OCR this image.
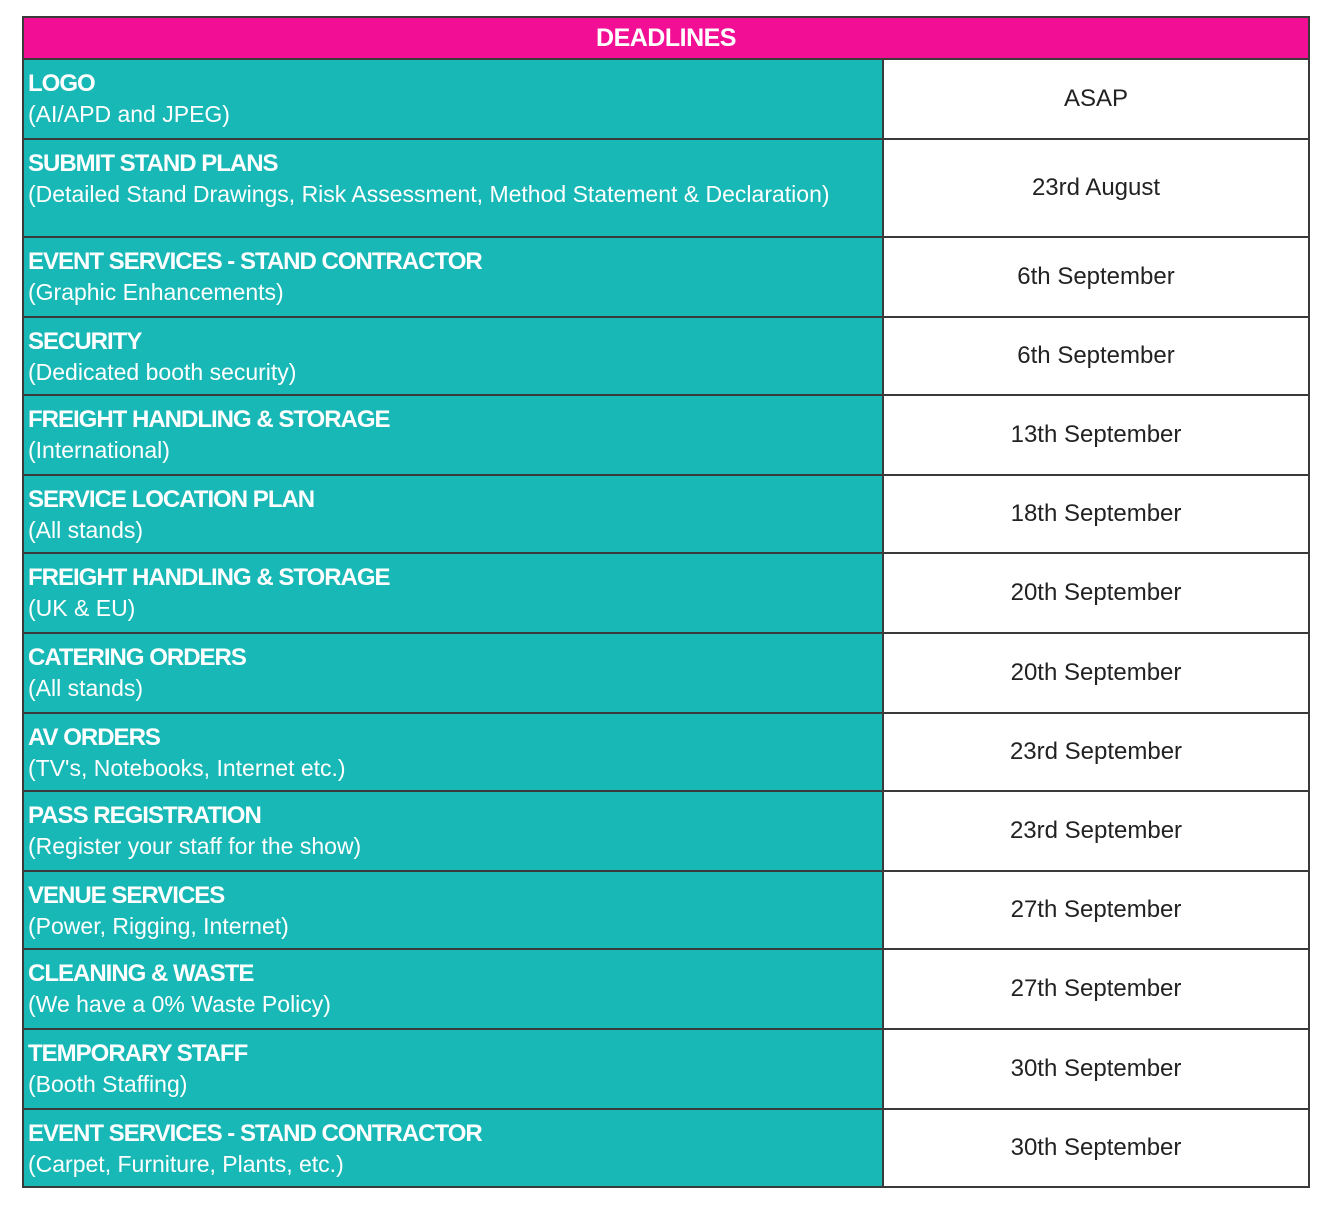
DEADLINES	

LOGO
(AI/APD and JPEG)	ASAP

SUBMIT STAND PLANS
(Detailed Stand Drawings, Risk Assessment, Method Statement & Declaration)	23rd August

EVENT SERVICES - STAND CONTRACTOR
(Graphic Enhancements)	6th September

SECURITY
(Dedicated booth security)	6th September

FREIGHT HANDLING & STORAGE
(International)	13th September

SERVICE LOCATION PLAN
(All stands)	18th September

FREIGHT HANDLING & STORAGE
(UK & EU)	20th September

CATERING ORDERS
(All stands)	20th September

AV ORDERS
(TV's, Notebooks, Internet etc.)	23rd September

PASS REGISTRATION
(Register your staff for the show)	23rd September

VENUE SERVICES
(Power, Rigging, Internet)	27th September

CLEANING & WASTE
(We have a 0% Waste Policy)	27th September

TEMPORARY STAFF
(Booth Staffing)	30th September

EVENT SERVICES - STAND CONTRACTOR
(Carpet, Furniture, Plants, etc.)	30th September
